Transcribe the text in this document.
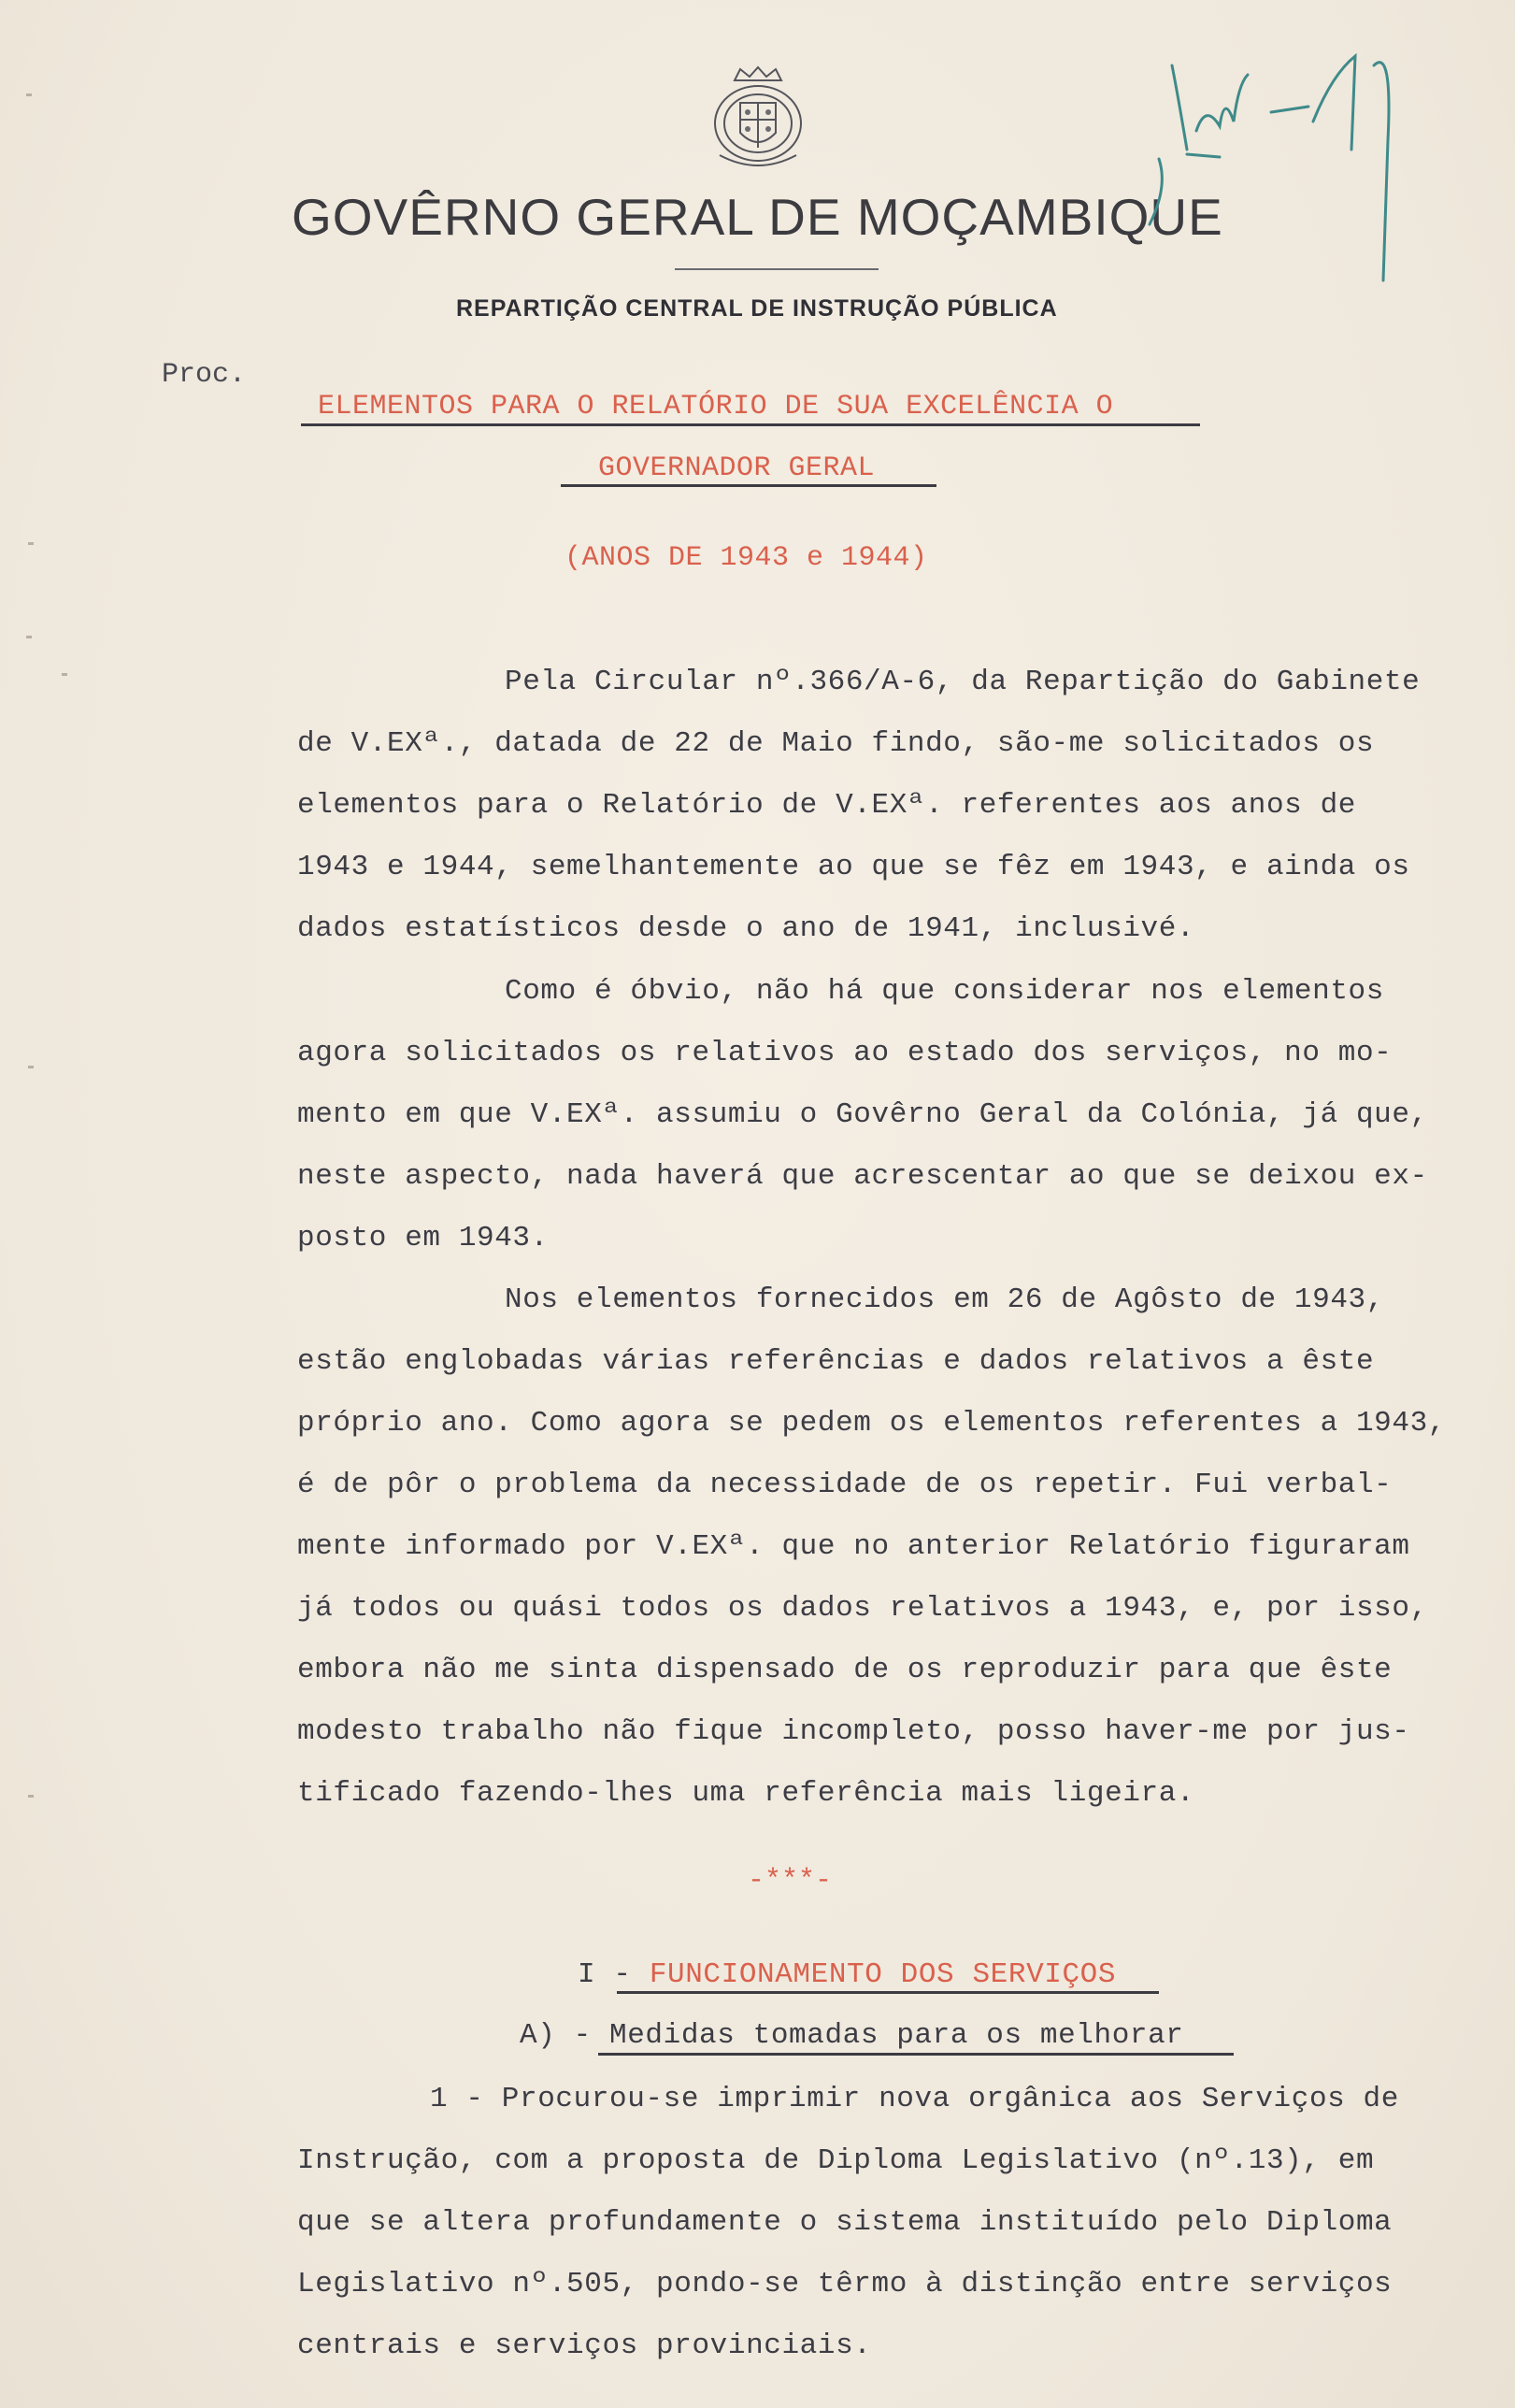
GOVÊRNO GERAL DE MOÇAMBIQUE
REPARTIÇÃO CENTRAL DE INSTRUÇÃO PÚBLICA
Proc.
ELEMENTOS PARA O RELATÓRIO DE SUA EXCELÊNCIA O
GOVERNADOR GERAL
(ANOS DE 1943 e 1944)
Pela Circular nº.366/A-6, da Repartição do Gabinete
de V.EXª., datada de 22 de Maio findo, são-me solicitados os
elementos para o Relatório de V.EXª. referentes aos anos de
1943 e 1944, semelhantemente ao que se fêz em 1943, e ainda os
dados estatísticos desde o ano de 1941, inclusivé.
Como é óbvio, não há que considerar nos elementos
agora solicitados os relativos ao estado dos serviços, no mo-
mento em que V.EXª. assumiu o Govêrno Geral da Colónia, já que,
neste aspecto, nada haverá que acrescentar ao que se deixou ex-
posto em 1943.
Nos elementos fornecidos em 26 de Agôsto de 1943,
estão englobadas várias referências e dados relativos a êste
próprio ano. Como agora se pedem os elementos referentes a 1943,
é de pôr o problema da necessidade de os repetir. Fui verbal-
mente informado por V.EXª. que no anterior Relatório figuraram
já todos ou quási todos os dados relativos a 1943, e, por isso,
embora não me sinta dispensado de os reproduzir para que êste
modesto trabalho não fique incompleto, posso haver-me por jus-
tificado fazendo-lhes uma referência mais ligeira.
-***-
I - FUNCIONAMENTO DOS SERVIÇOS
A) - Medidas tomadas para os melhorar
1 - Procurou-se imprimir nova orgânica aos Serviços de
Instrução, com a proposta de Diploma Legislativo (nº.13), em
que se altera profundamente o sistema instituído pelo Diploma
Legislativo nº.505, pondo-se têrmo à distinção entre serviços
centrais e serviços provinciais.
